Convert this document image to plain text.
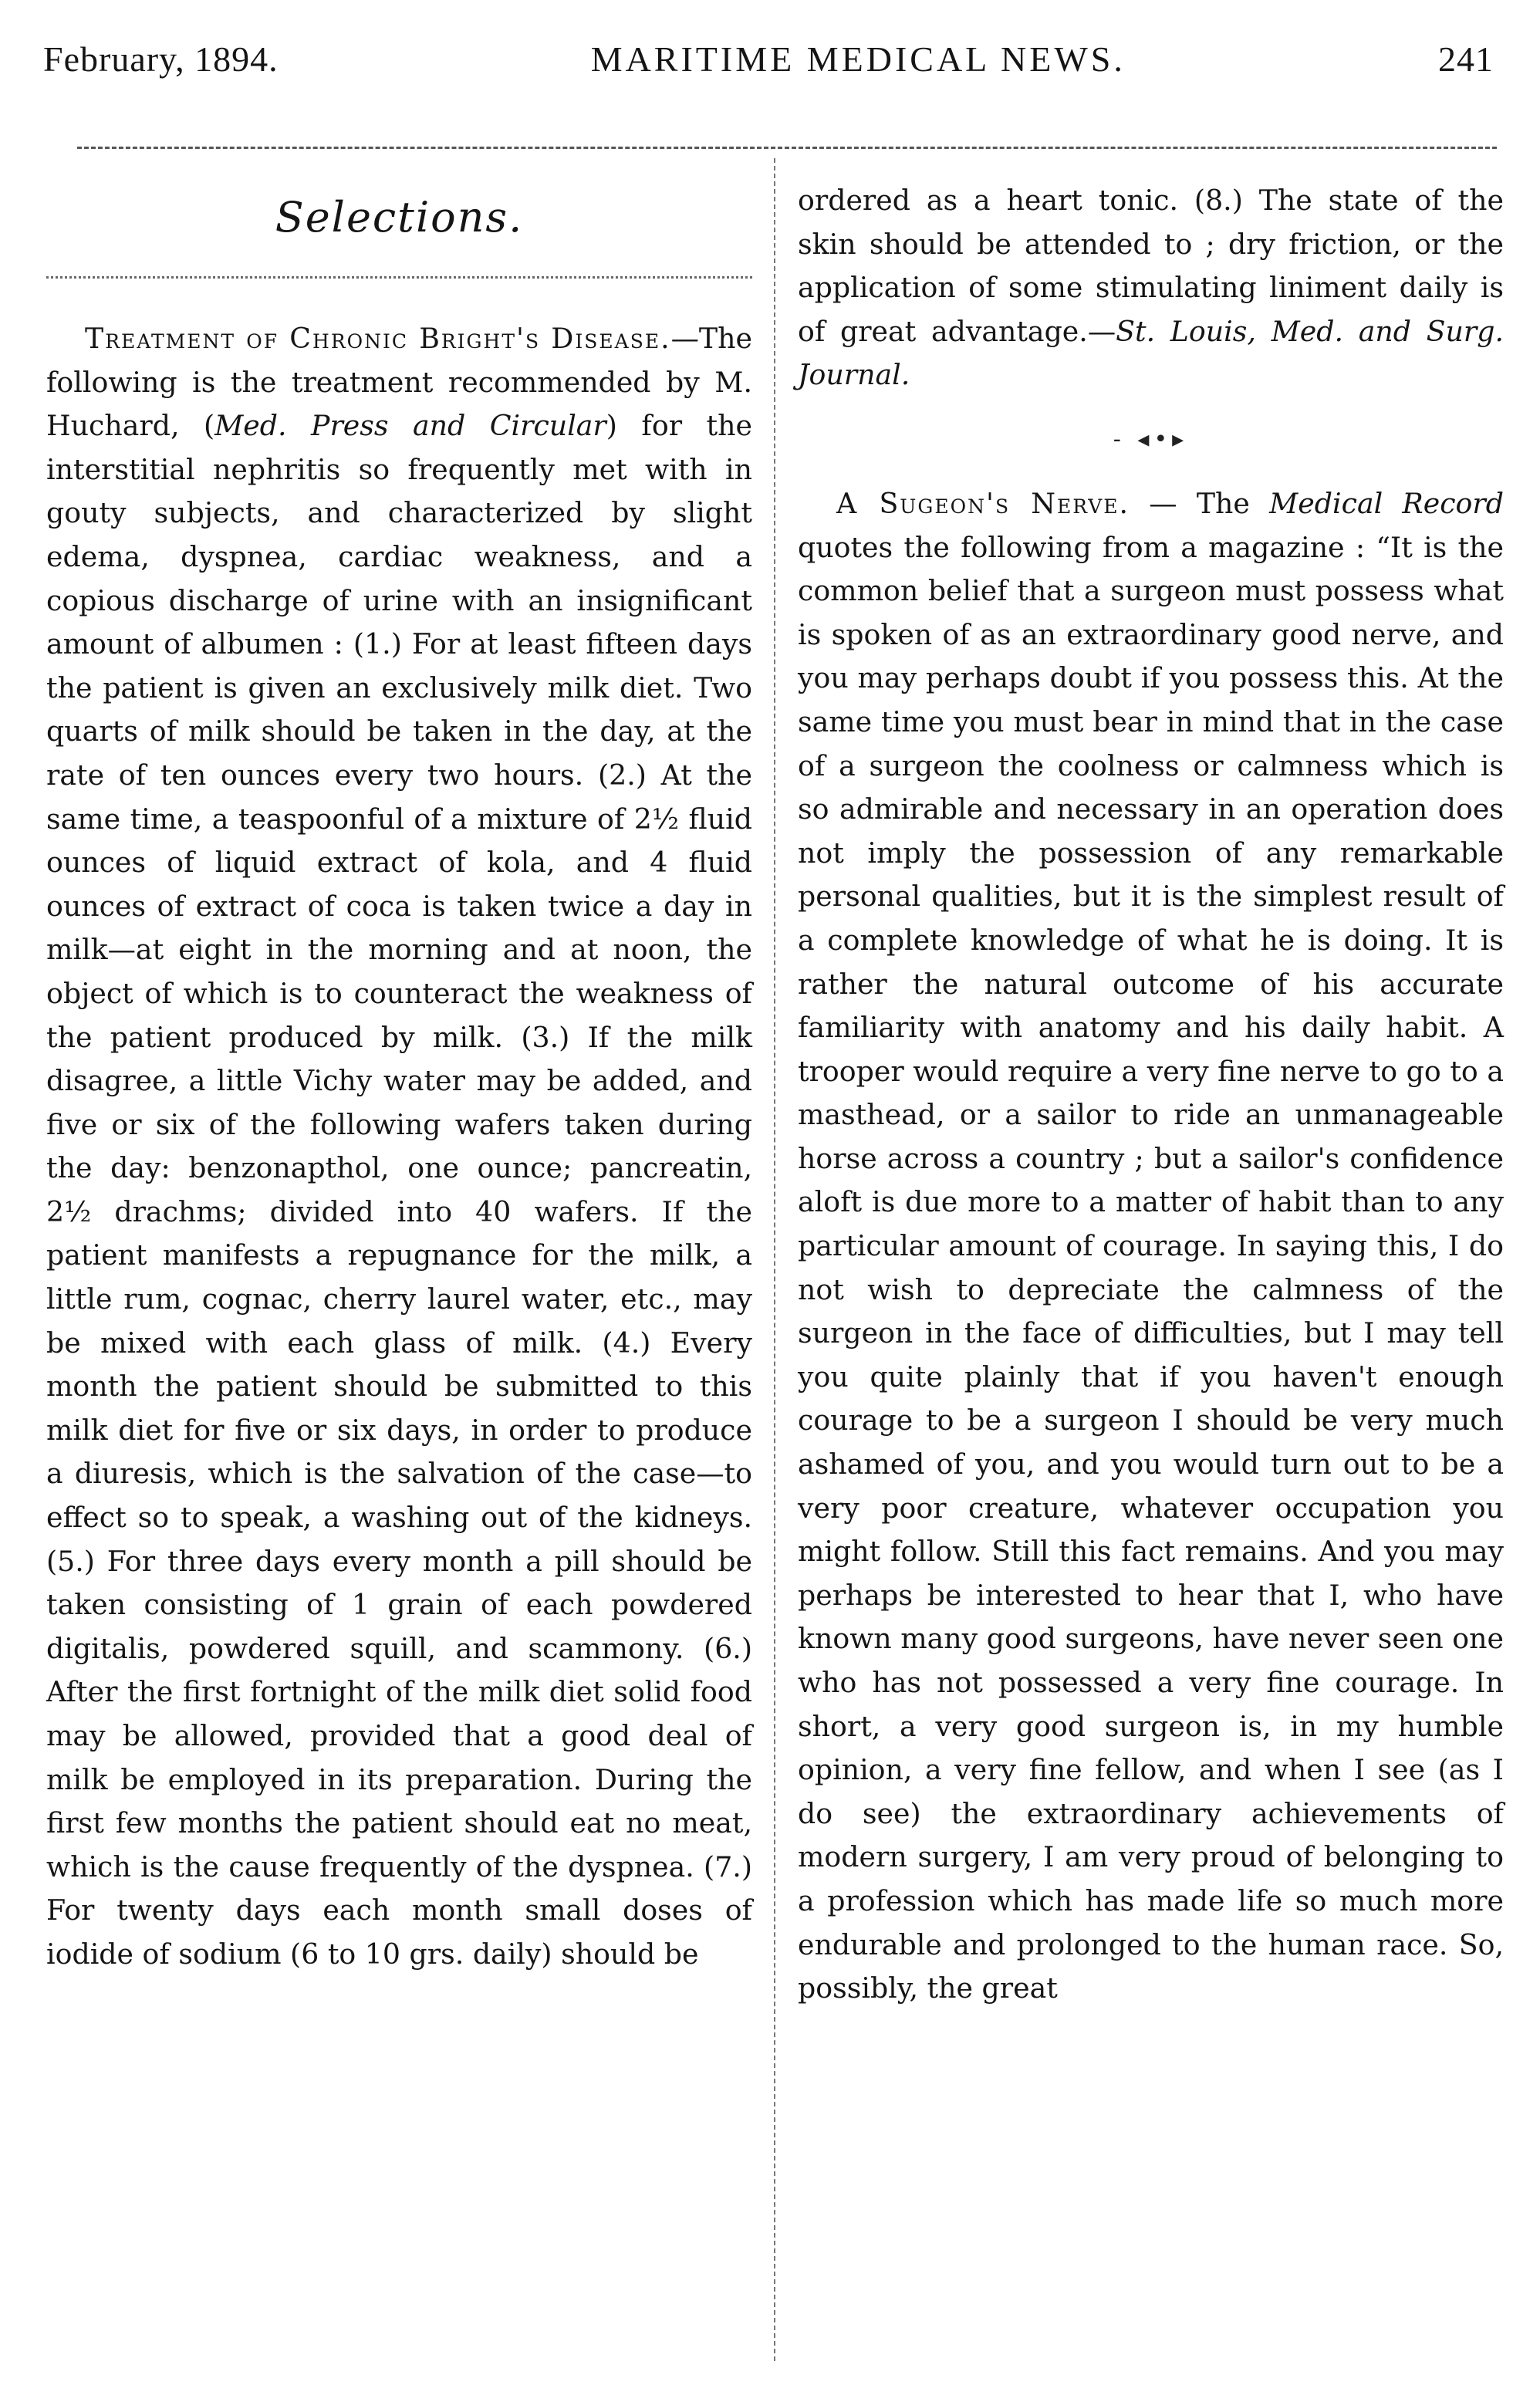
February, 1894.	MARITIME MEDICAL NEWS.	241
Selections.

Treatment of Chronic Bright's Disease.—The following is the treatment recommended by M. Huchard, (Med. Press and Circular) for the interstitial nephritis so frequently met with in gouty subjects, and characterized by slight edema, dyspnea, cardiac weakness, and a copious discharge of urine with an insignificant amount of albumen : (1.) For at least fifteen days the patient is given an exclusively milk diet. Two quarts of milk should be taken in the day, at the rate of ten ounces every two hours. (2.) At the same time, a teaspoonful of a mixture of 2½ fluid ounces of liquid extract of kola, and 4 fluid ounces of extract of coca is taken twice a day in milk—at eight in the morning and at noon, the object of which is to counteract the weakness of the patient produced by milk. (3.) If the milk disagree, a little Vichy water may be added, and five or six of the following wafers taken during the day: benzonapthol, one ounce; pancreatin, 2½ drachms; divided into 40 wafers. If the patient manifests a repugnance for the milk, a little rum, cognac, cherry laurel water, etc., may be mixed with each glass of milk. (4.) Every month the patient should be submitted to this milk diet for five or six days, in order to produce a diuresis, which is the salvation of the case—to effect so to speak, a washing out of the kidneys. (5.) For three days every month a pill should be taken consisting of 1 grain of each powdered digitalis, powdered squill, and scammony. (6.) After the first fortnight of the milk diet solid food may be allowed, provided that a good deal of milk be employed in its preparation. During the first few months the patient should eat no meat, which is the cause frequently of the dyspnea. (7.) For twenty days each month small doses of iodide of sodium (6 to 10 grs. daily) should be

ordered as a heart tonic. (8.) The state of the skin should be attended to ; dry friction, or the application of some stimulating liniment daily is of great advantage.—St. Louis, Med. and Surg. Journal.

- ◂•▸

A Sugeon's Nerve. — The Medical Record quotes the following from a magazine : “It is the common belief that a surgeon must possess what is spoken of as an extraordinary good nerve, and you may perhaps doubt if you possess this. At the same time you must bear in mind that in the case of a surgeon the coolness or calmness which is so admirable and necessary in an operation does not imply the possession of any remarkable personal qualities, but it is the simplest result of a complete knowledge of what he is doing. It is rather the natural outcome of his accurate familiarity with anatomy and his daily habit. A trooper would require a very fine nerve to go to a masthead, or a sailor to ride an unmanageable horse across a country ; but a sailor's confidence aloft is due more to a matter of habit than to any particular amount of courage. In saying this, I do not wish to depreciate the calmness of the surgeon in the face of difficulties, but I may tell you quite plainly that if you haven't enough courage to be a surgeon I should be very much ashamed of you, and you would turn out to be a very poor creature, whatever occupation you might follow. Still this fact remains. And you may perhaps be interested to hear that I, who have known many good surgeons, have never seen one who has not possessed a very fine courage. In short, a very good surgeon is, in my humble opinion, a very fine fellow, and when I see (as I do see) the extraordinary achievements of modern surgery, I am very proud of belonging to a profession which has made life so much more endurable and prolonged to the human race. So, possibly, the great
